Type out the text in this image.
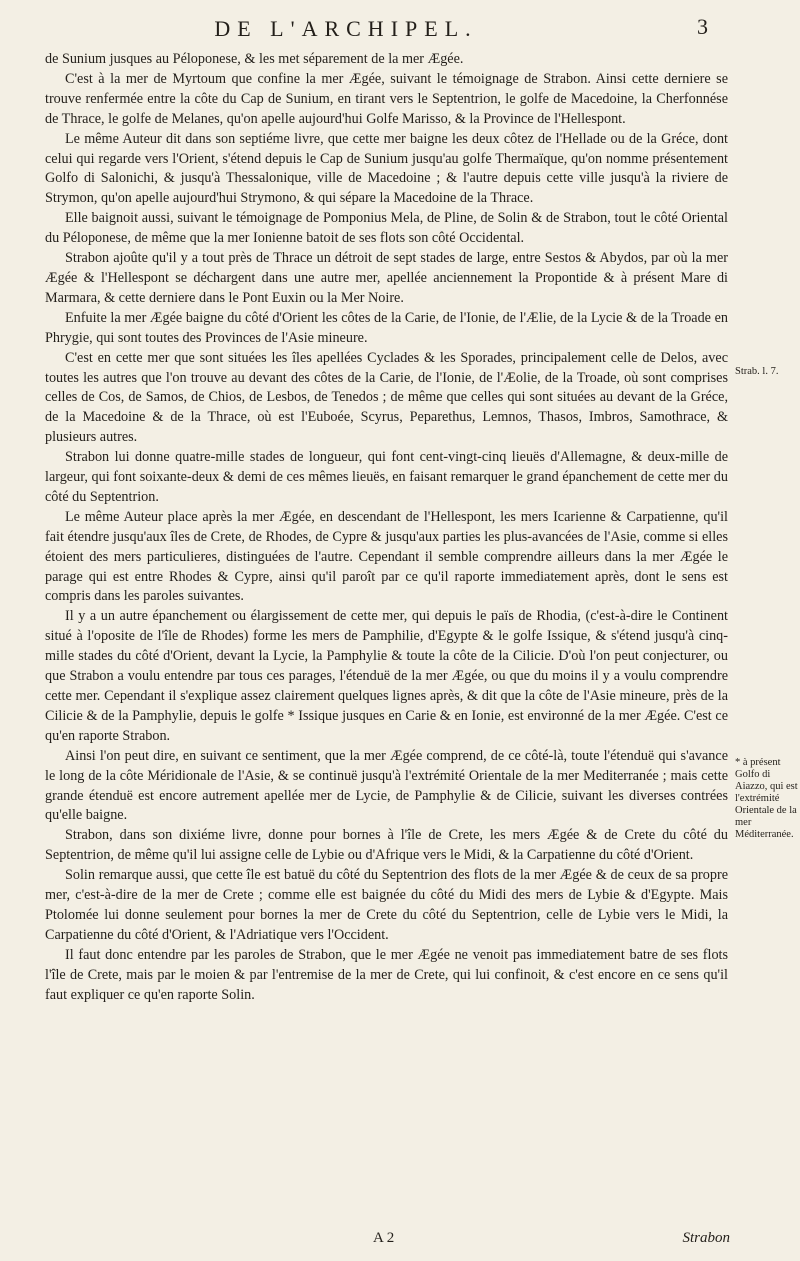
DE L'ARCHIPEL.	3

de Sunium jusques au Péloponese, & les met séparement de la mer Ægée.

C'est à la mer de Myrtoum que confine la mer Ægée, suivant le témoignage de Strabon. Ainsi cette derniere se trouve renfermée entre la côte du Cap de Sunium, en tirant vers le Septentrion, le golfe de Macedoine, la Cherfonnése de Thrace, le golfe de Melanes, qu'on apelle aujourd'hui Golfe Marisso, & la Province de l'Hellespont.

Le même Auteur dit dans son septiéme livre, que cette mer baigne les deux côtez de l'Hellade ou de la Gréce, dont celui qui regarde vers l'Orient, s'étend depuis le Cap de Sunium jusqu'au golfe Thermaïque, qu'on nomme présentement Golfo di Salonichi, & jusqu'à Thessalonique, ville de Macedoine ; & l'autre depuis cette ville jusqu'à la riviere de Strymon, qu'on apelle aujourd'hui Strymono, & qui sépare la Macedoine de la Thrace.

Elle baignoit aussi, suivant le témoignage de Pomponius Mela, de Pline, de Solin & de Strabon, tout le côté Oriental du Péloponese, de même que la mer Ionienne batoit de ses flots son côté Occidental.

Strabon ajoûte qu'il y a tout près de Thrace un détroit de sept stades de large, entre Sestos & Abydos, par où la mer Ægée & l'Hellespont se déchargent dans une autre mer, apellée anciennement la Propontide & à présent Mare di Marmara, & cette derniere dans le Pont Euxin ou la Mer Noire.

Enfuite la mer Ægée baigne du côté d'Orient les côtes de la Carie, de l'Ionie, de l'Ælie, de la Lycie & de la Troade en Phrygie, qui sont toutes des Provinces de l'Asie mineure.

C'est en cette mer que sont situées les îles apellées Cyclades & les Sporades, principalement celle de Delos, avec toutes les autres que l'on trouve au devant des côtes de la Carie, de l'Ionie, de l'Æolie, de la Troade, où sont comprises celles de Cos, de Samos, de Chios, de Lesbos, de Tenedos ; de même que celles qui sont situées au devant de la Gréce, de la Macedoine & de la Thrace, où est l'Euboée, Scyrus, Peparethus, Lemnos, Thasos, Imbros, Samothrace, & plusieurs autres.

Strabon lui donne quatre-mille stades de longueur, qui font cent-vingt-cinq lieuës d'Allemagne, & deux-mille de largeur, qui font soixante-deux & demi de ces mêmes lieuës, en faisant remarquer le grand épanchement de cette mer du côté du Septentrion.

Le même Auteur place après la mer Ægée, en descendant de l'Hellespont, les mers Icarienne & Carpatienne, qu'il fait étendre jusqu'aux îles de Crete, de Rhodes, de Cypre & jusqu'aux parties les plus-avancées de l'Asie, comme si elles étoient des mers particulieres, distinguées de l'autre. Cependant il semble comprendre ailleurs dans la mer Ægée le parage qui est entre Rhodes & Cypre, ainsi qu'il paroît par ce qu'il raporte immediatement après, dont le sens est compris dans les paroles suivantes.

Il y a un autre épanchement ou élargissement de cette mer, qui depuis le païs de Rhodia, (c'est-à-dire le Continent situé à l'oposite de l'île de Rhodes) forme les mers de Pamphilie, d'Egypte & le golfe Issique, & s'étend jusqu'à cinq-mille stades du côté d'Orient, devant la Lycie, la Pamphylie & toute la côte de la Cilicie. D'où l'on peut conjecturer, ou que Strabon a voulu entendre par tous ces parages, l'étenduë de la mer Ægée, ou que du moins il y a voulu comprendre cette mer. Cependant il s'explique assez clairement quelques lignes après, & dit que la côte de l'Asie mineure, près de la Cilicie & de la Pamphylie, depuis le golfe * Issique jusques en Carie & en Ionie, est environné de la mer Ægée. C'est ce qu'en raporte Strabon.

Ainsi l'on peut dire, en suivant ce sentiment, que la mer Ægée comprend, de ce côté-là, toute l'étenduë qui s'avance le long de la côte Méridionale de l'Asie, & se continuë jusqu'à l'extrémité Orientale de la mer Mediterranée ; mais cette grande étenduë est encore autrement apellée mer de Lycie, de Pamphylie & de Cilicie, suivant les diverses contrées qu'elle baigne.

Strabon, dans son dixiéme livre, donne pour bornes à l'île de Crete, les mers Ægée & de Crete du côté du Septentrion, de même qu'il lui assigne celle de Lybie ou d'Afrique vers le Midi, & la Carpatienne du côté d'Orient.

Solin remarque aussi, que cette île est batuë du côté du Septentrion des flots de la mer Ægée & de ceux de sa propre mer, c'est-à-dire de la mer de Crete ; comme elle est baignée du côté du Midi des mers de Lybie & d'Egypte. Mais Ptolomée lui donne seulement pour bornes la mer de Crete du côté du Septentrion, celle de Lybie vers le Midi, la Carpatienne du côté d'Orient, & l'Adriatique vers l'Occident.

Il faut donc entendre par les paroles de Strabon, que le mer Ægée ne venoit pas immediatement batre de ses flots l'île de Crete, mais par le moien & par l'entremise de la mer de Crete, qui lui confinoit, & c'est encore en ce sens qu'il faut expliquer ce qu'en raporte Solin.

Strab. l. 7.
* à présent Golfo di Aiazzo, qui est l'extrémité Orientale de la mer Méditerranée.
A 2	Strabon
